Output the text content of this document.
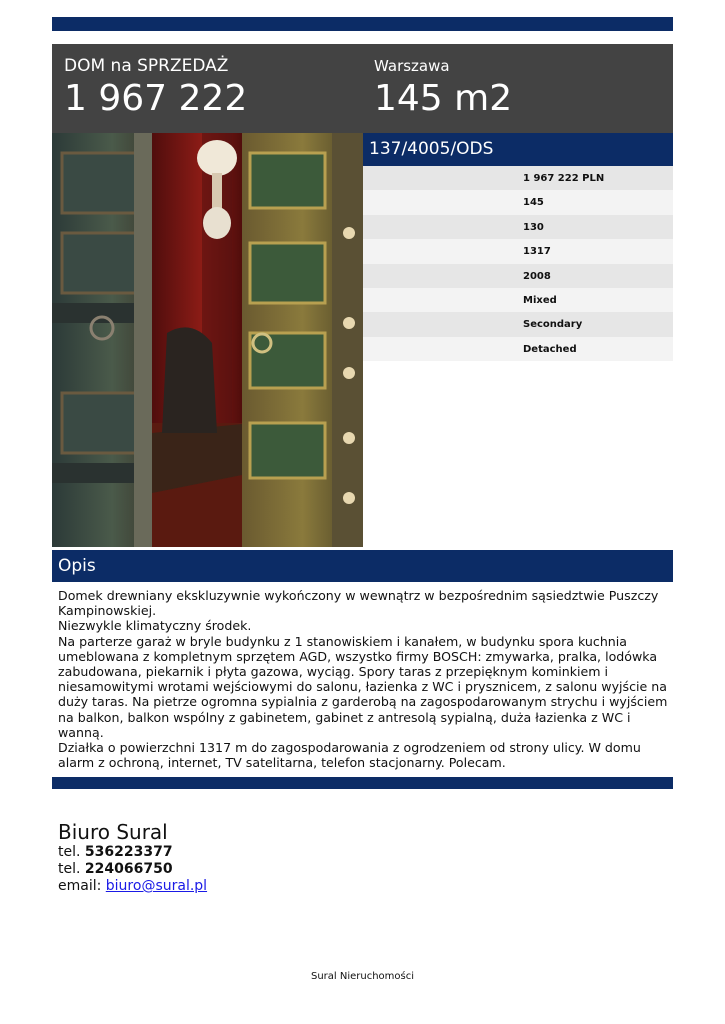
DOM na SPRZEDAŻ
1 967 222
Warszawa
145 m2
137/4005/ODS
1 967 222 PLN
145
130
1317
2008
Mixed
Secondary
Detached
Opis
Domek drewniany ekskluzywnie wykończony w wewnątrz w bezpośrednim sąsiedztwie Puszczy Kampinowskiej.
Niezwykle klimatyczny środek.
Na parterze garaż w bryle budynku z 1 stanowiskiem i kanałem, w budynku spora kuchnia umeblowana z kompletnym sprzętem AGD, wszystko firmy BOSCH: zmywarka, pralka, lodówka zabudowana, piekarnik i płyta gazowa, wyciąg. Spory taras z przepięknym kominkiem i niesamowitymi wrotami wejściowymi do salonu, łazienka z WC i prysznicem, z salonu wyjście na duży taras. Na pietrze ogromna sypialnia z garderobą na zagospodarowanym strychu i wyjściem na balkon, balkon wspólny z gabinetem, gabinet z antresolą sypialną, duża łazienka z WC i wanną.
Działka o powierzchni 1317 m do zagospodarowania z ogrodzeniem od strony ulicy. W domu alarm z ochroną, internet, TV satelitarna, telefon stacjonarny. Polecam.
Biuro Sural
tel. 536223377
tel. 224066750
email: biuro@sural.pl
Sural Nieruchomości
